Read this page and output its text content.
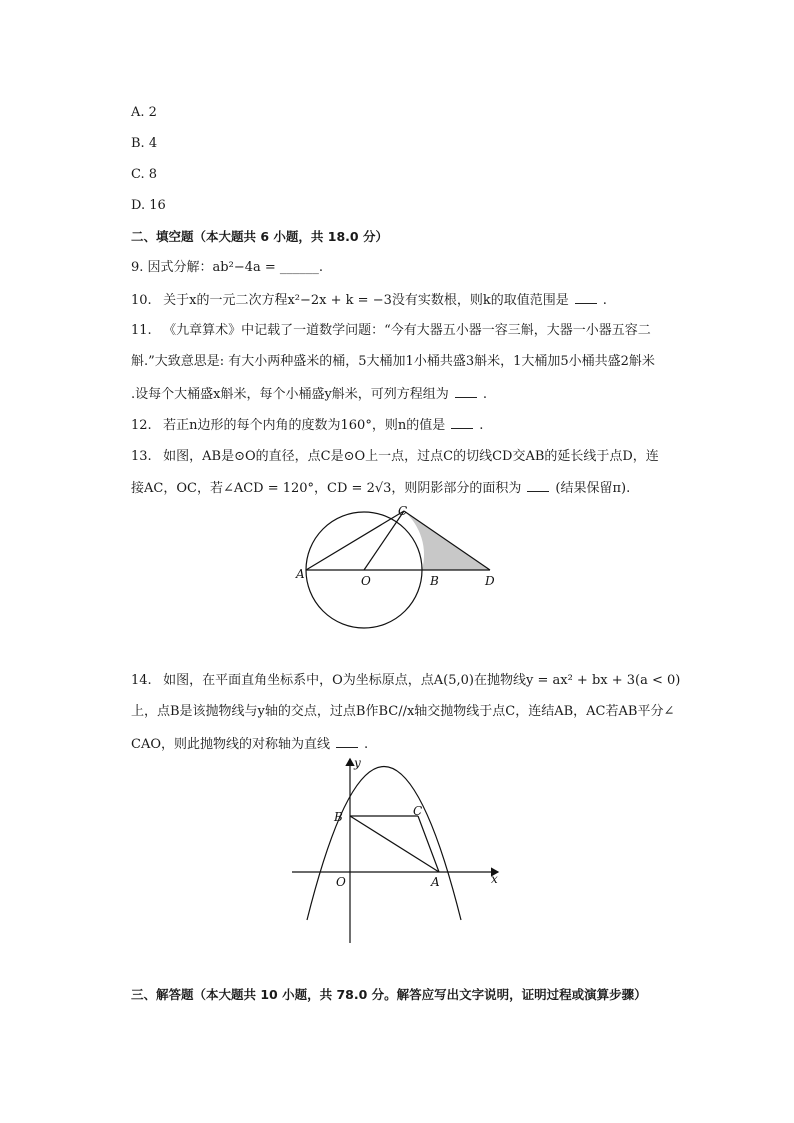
A. 2
B. 4
C. 8
D. 16
二、填空题（本大题共 6 小题，共 18.0 分）
9. 因式分解：ab²−4a = ______.
10. 关于x的一元二次方程x²−2x + k = −3没有实数根，则k的取值范围是	.
11. 《九章算术》中记载了一道数学问题：“今有大器五小器一容三斛，大器一小器五容二
斛.”大致意思是: 有大小两种盛米的桶，5大桶加1小桶共盛3斛米，1大桶加5小桶共盛2斛米
.设每个大桶盛x斛米，每个小桶盛y斛米，可列方程组为	.
12. 若正n边形的每个内角的度数为160°，则n的值是	.
13. 如图，AB是⊙O的直径，点C是⊙O上一点，过点C的切线CD交AB的延长线于点D，连
接AC，OC，若∠ACD = 120°，CD = 2√3，则阴影部分的面积为	(结果保留π).
A	O	B
C
D
14. 如图，在平面直角坐标系中，O为坐标原点，点A(5,0)在抛物线y = ax² + bx + 3(a < 0)
上，点B是该抛物线与y轴的交点，过点B作BC//x轴交抛物线于点C，连结AB，AC若AB平分∠
CAO，则此抛物线的对称轴为直线	.
y
x
O	A
B	C
三、解答题（本大题共 10 小题，共 78.0 分。解答应写出文字说明，证明过程或演算步骤）
